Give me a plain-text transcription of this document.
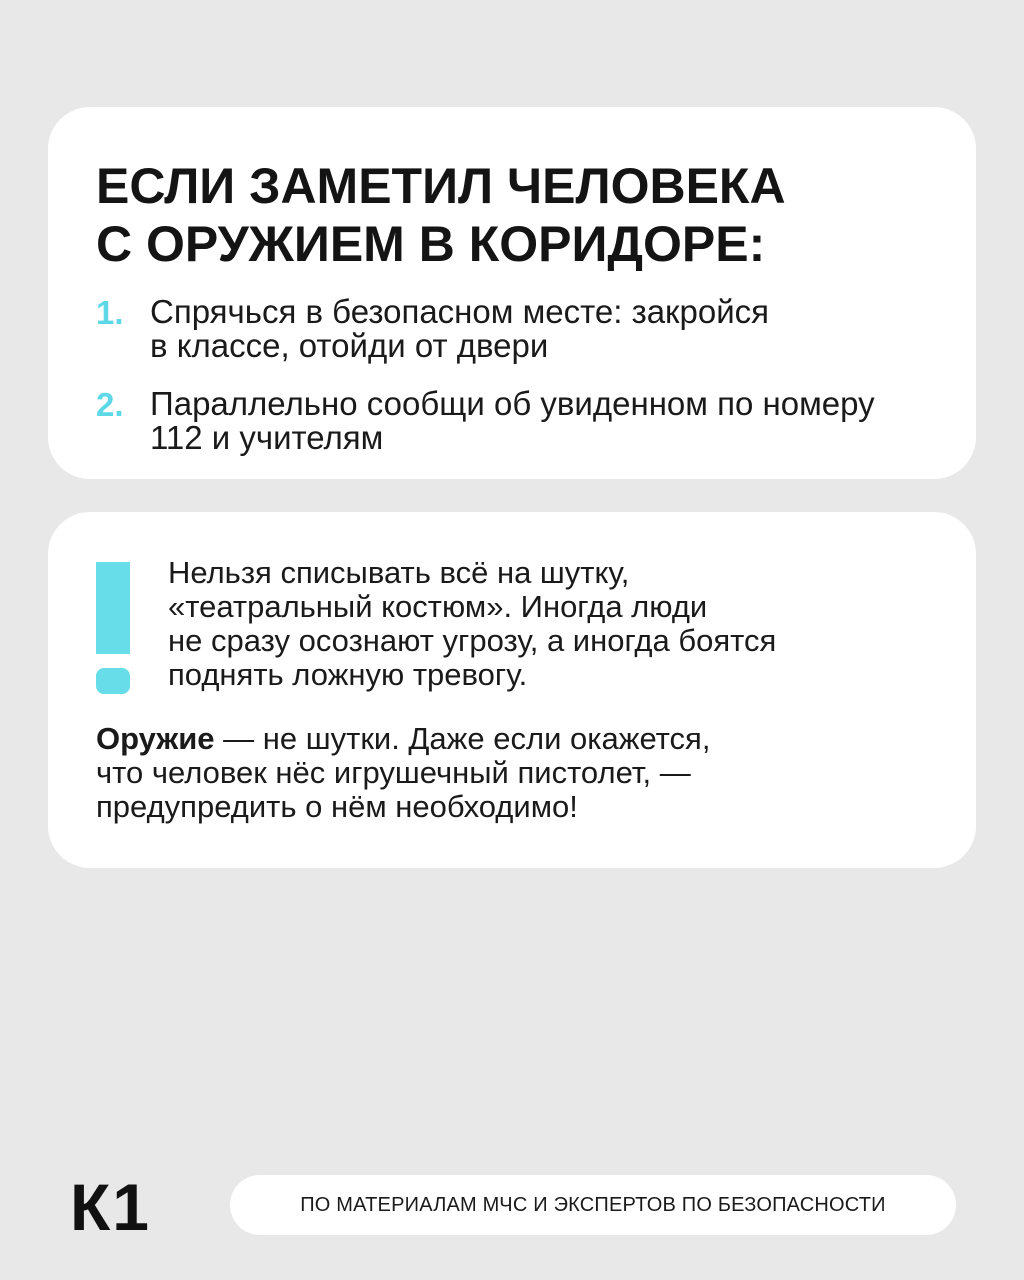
ЕСЛИ ЗАМЕТИЛ ЧЕЛОВЕКА
С ОРУЖИЕМ В КОРИДОРЕ:
1. Спрячься в безопасном месте: закройся
в классе, отойди от двери
2. Параллельно сообщи об увиденном по номеру
112 и учителям
Нельзя списывать всё на шутку,
«театральный костюм». Иногда люди
не сразу осознают угрозу, а иногда боятся
поднять ложную тревогу.
Оружие — не шутки. Даже если окажется,
что человек нёс игрушечный пистолет, —
предупредить о нём необходимо!
К1	ПО МАТЕРИАЛАМ МЧС И ЭКСПЕРТОВ ПО БЕЗОПАСНОСТИ
